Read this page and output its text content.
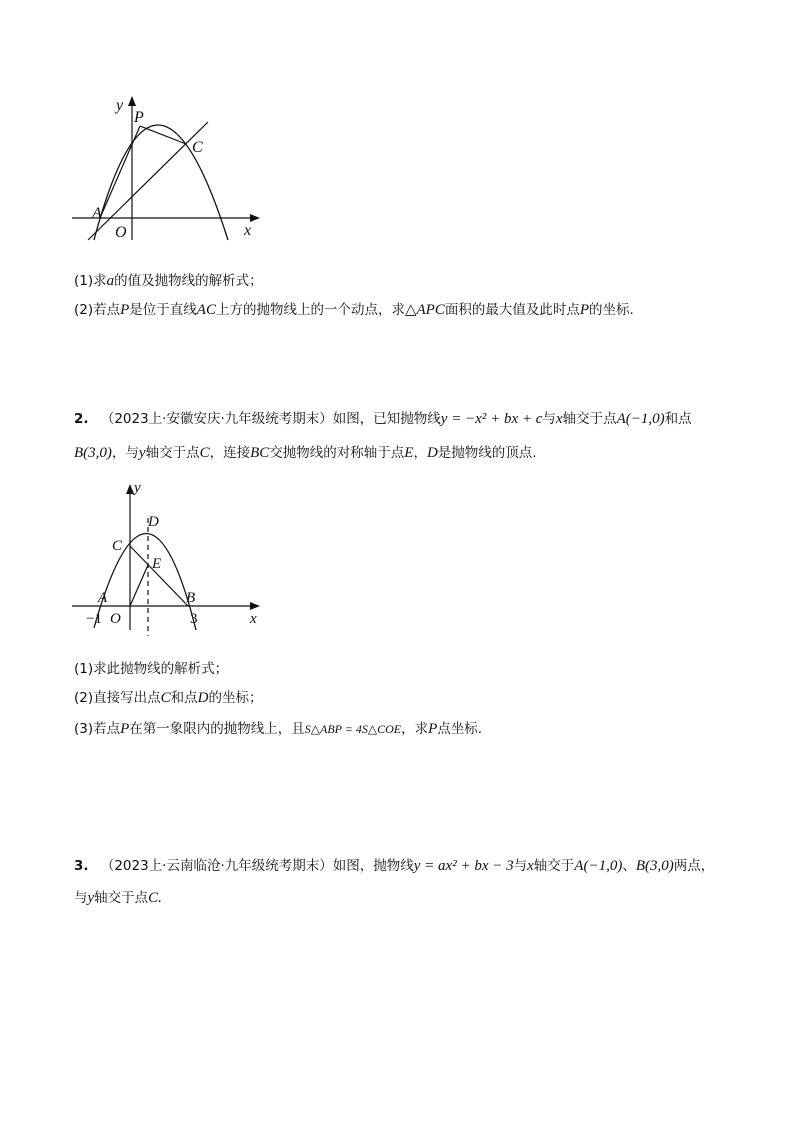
y
P
C
A
O	x
(1)求a的值及抛物线的解析式；
(2)若点P是位于直线AC上方的抛物线上的一个动点，求△APC面积的最大值及此时点P的坐标.
2. （2023上·安徽安庆·九年级统考期末）如图，已知抛物线y = −x² + bx + c与x轴交于点A(−1,0)和点
B(3,0)，与y轴交于点C，连接BC交抛物线的对称轴于点E，D是抛物线的顶点.
y
D
C
E
A	B
−1 O	3	x
(1)求此抛物线的解析式；
(2)直接写出点C和点D的坐标；
(3)若点P在第一象限内的抛物线上，且S△ABP = 4S△COE，求P点坐标.
3. （2023上·云南临沧·九年级统考期末）如图，抛物线y = ax² + bx − 3与x轴交于A(−1,0)、B(3,0)两点，
与y轴交于点C.
